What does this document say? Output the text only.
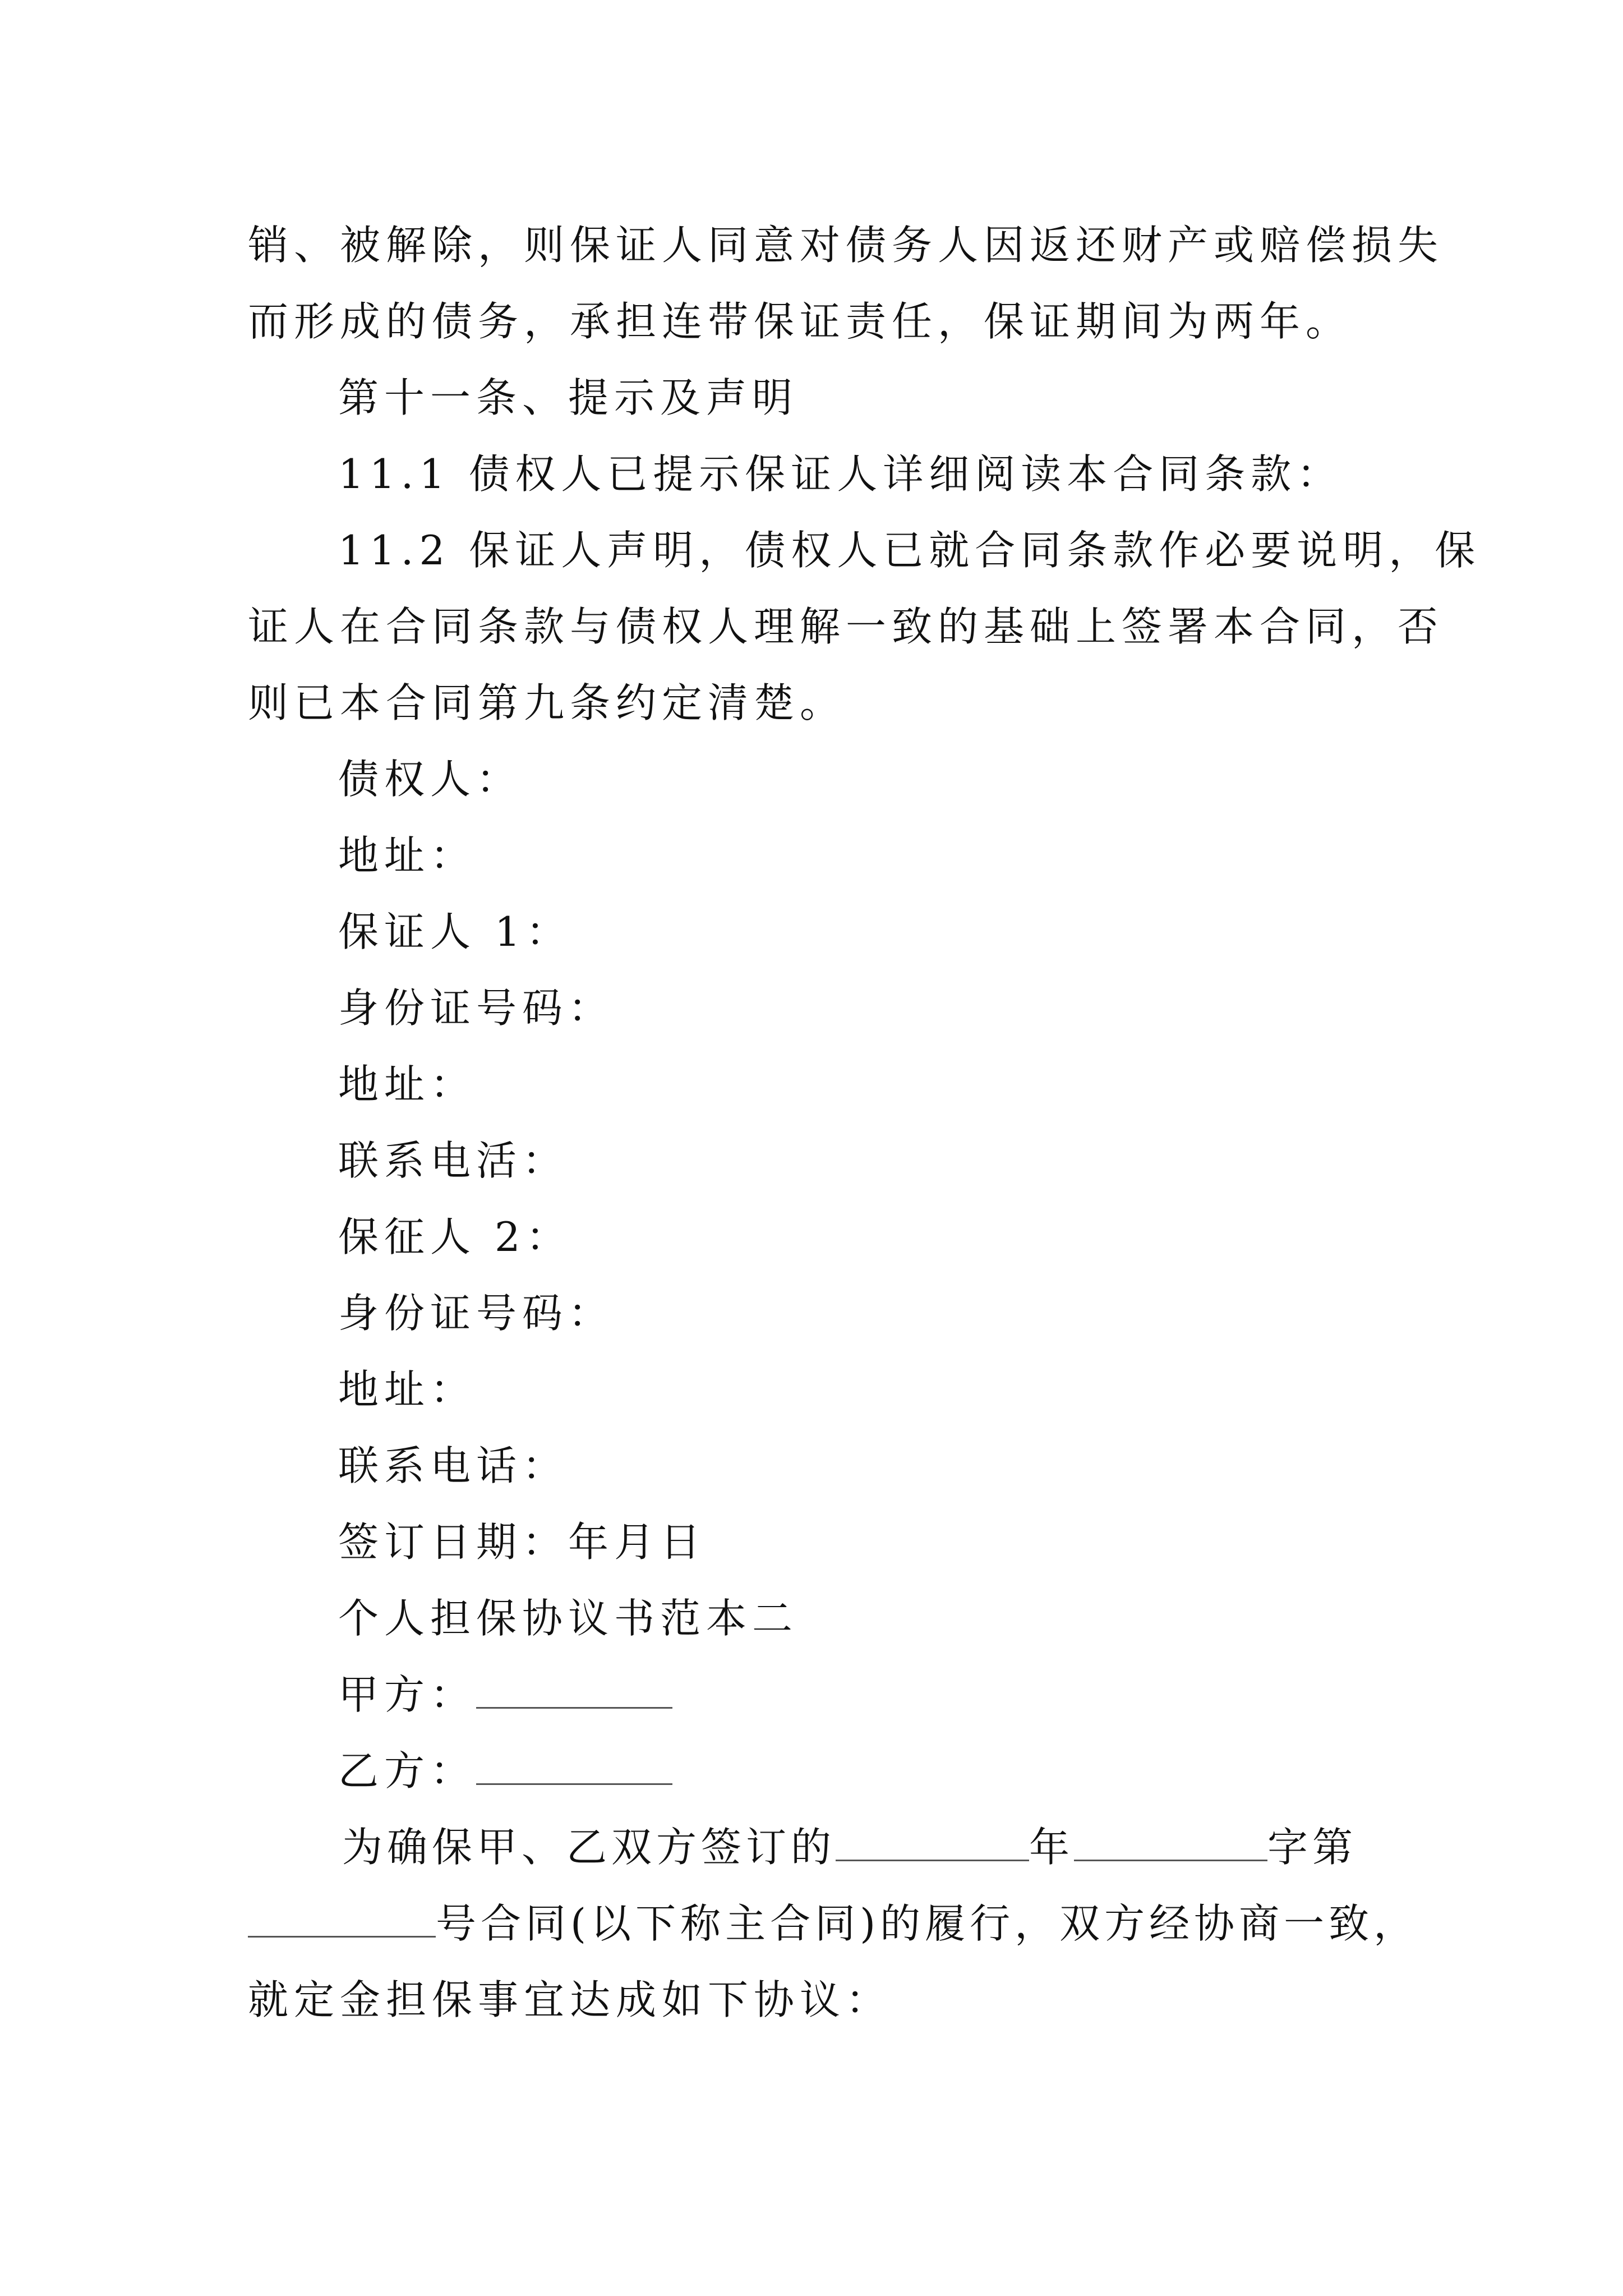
销、被解除，则保证人同意对债务人因返还财产或赔偿损失
而形成的债务，承担连带保证责任，保证期间为两年。
第十一条、提示及声明
11.1 债权人已提示保证人详细阅读本合同条款：
11.2 保证人声明，债权人已就合同条款作必要说明，保
证人在合同条款与债权人理解一致的基础上签署本合同，否
则已本合同第九条约定清楚。
债权人：
地址：
保证人 1：
身份证号码：
地址：
联系电活：
保征人 2：
身份证号码：
地址：
联系电话：
签订日期：年月日
个人担保协议书范本二
甲方：
乙方：
为确保甲、乙双方签订的	年	字第
号合同(以下称主合同)的履行，双方经协商一致，
就定金担保事宜达成如下协议：
